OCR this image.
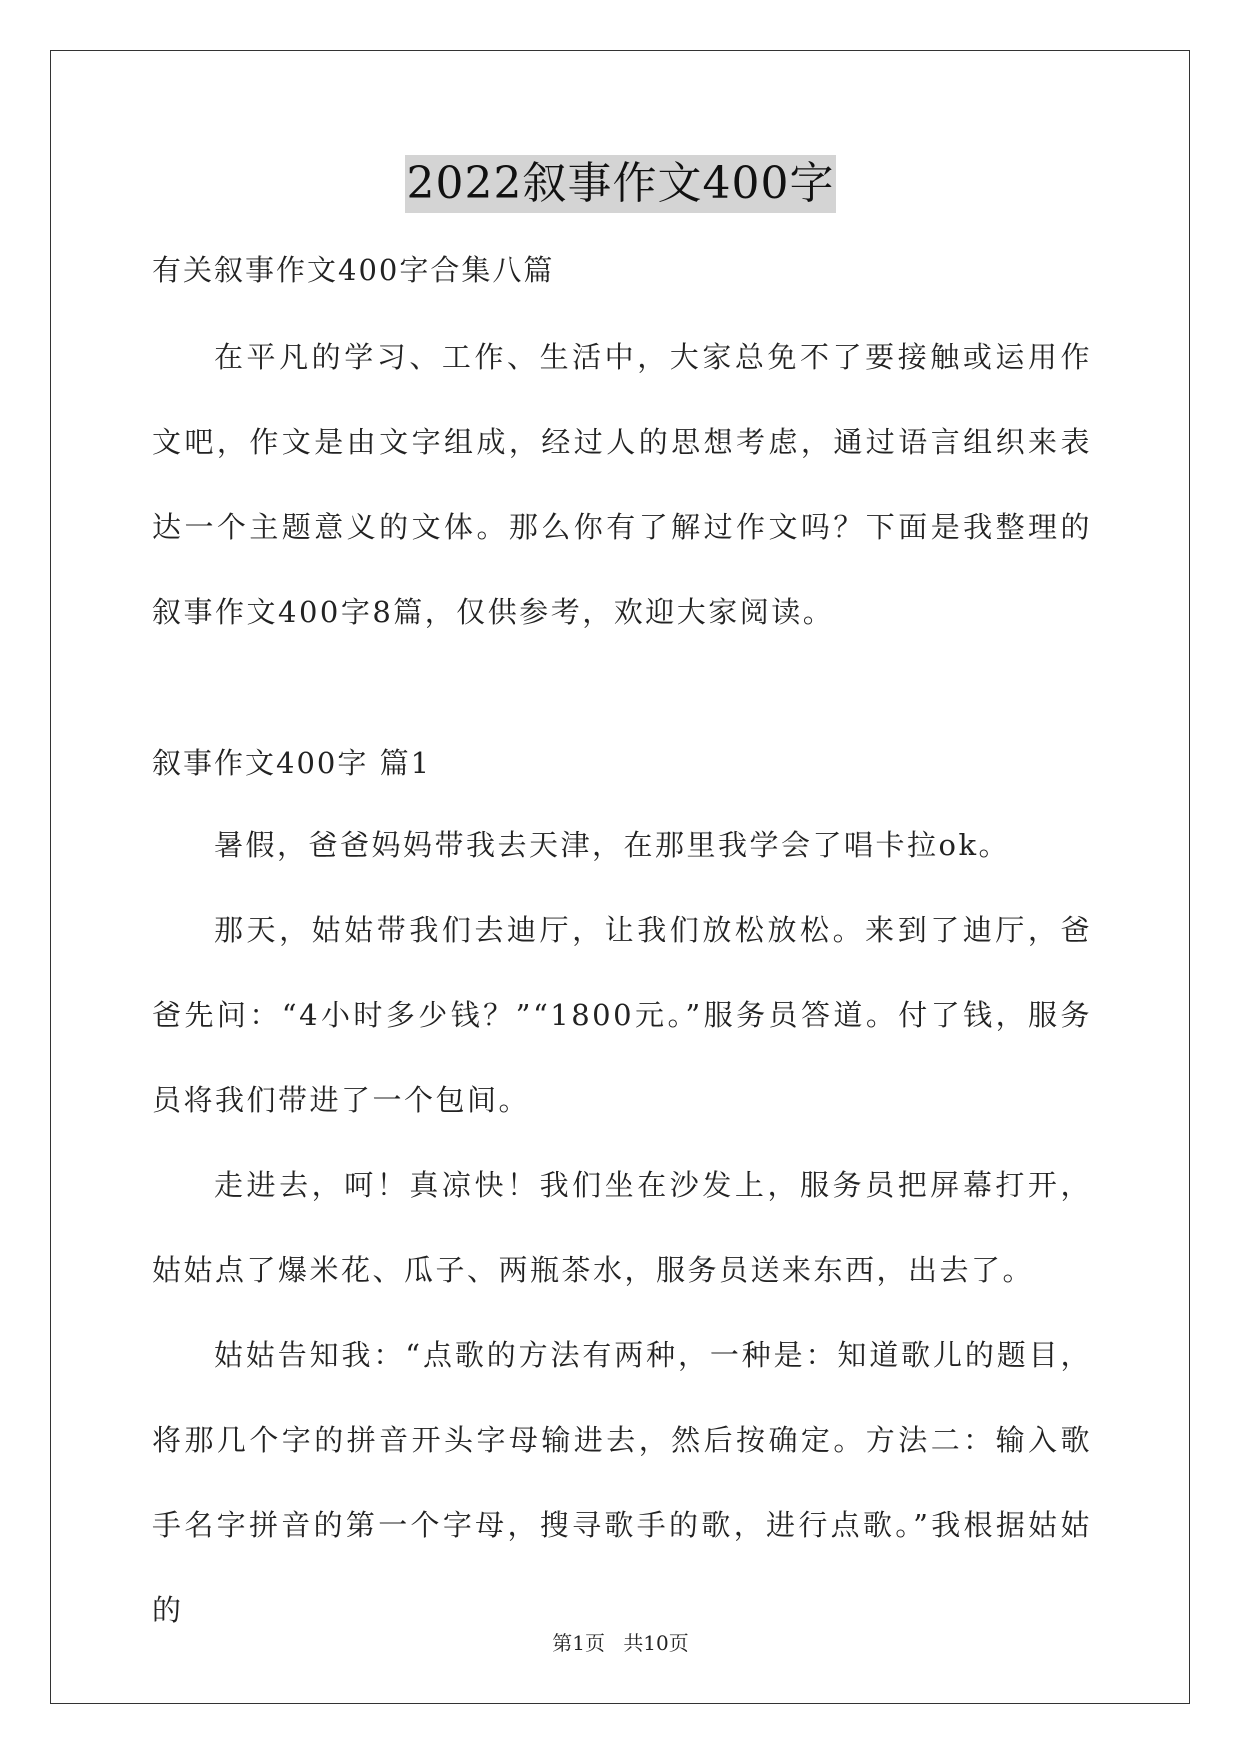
2022叙事作文400字
有关叙事作文400字合集八篇

在平凡的学习、工作、生活中，大家总免不了要接触或运用作文吧，作文是由文字组成，经过人的思想考虑，通过语言组织来表达一个主题意义的文体。那么你有了解过作文吗？下面是我整理的叙事作文400字8篇，仅供参考，欢迎大家阅读。

叙事作文400字 篇1

暑假，爸爸妈妈带我去天津，在那里我学会了唱卡拉ok。

那天，姑姑带我们去迪厅，让我们放松放松。来到了迪厅，爸爸先问：“4小时多少钱？”“1800元。”服务员答道。付了钱，服务员将我们带进了一个包间。

走进去，呵！真凉快！我们坐在沙发上，服务员把屏幕打开，姑姑点了爆米花、瓜子、两瓶茶水，服务员送来东西，出去了。

姑姑告知我：“点歌的方法有两种，一种是：知道歌儿的题目，将那几个字的拼音开头字母输进去，然后按确定。方法二：输入歌手名字拼音的第一个字母，搜寻歌手的歌，进行点歌。”我根据姑姑的

第1页 共10页
